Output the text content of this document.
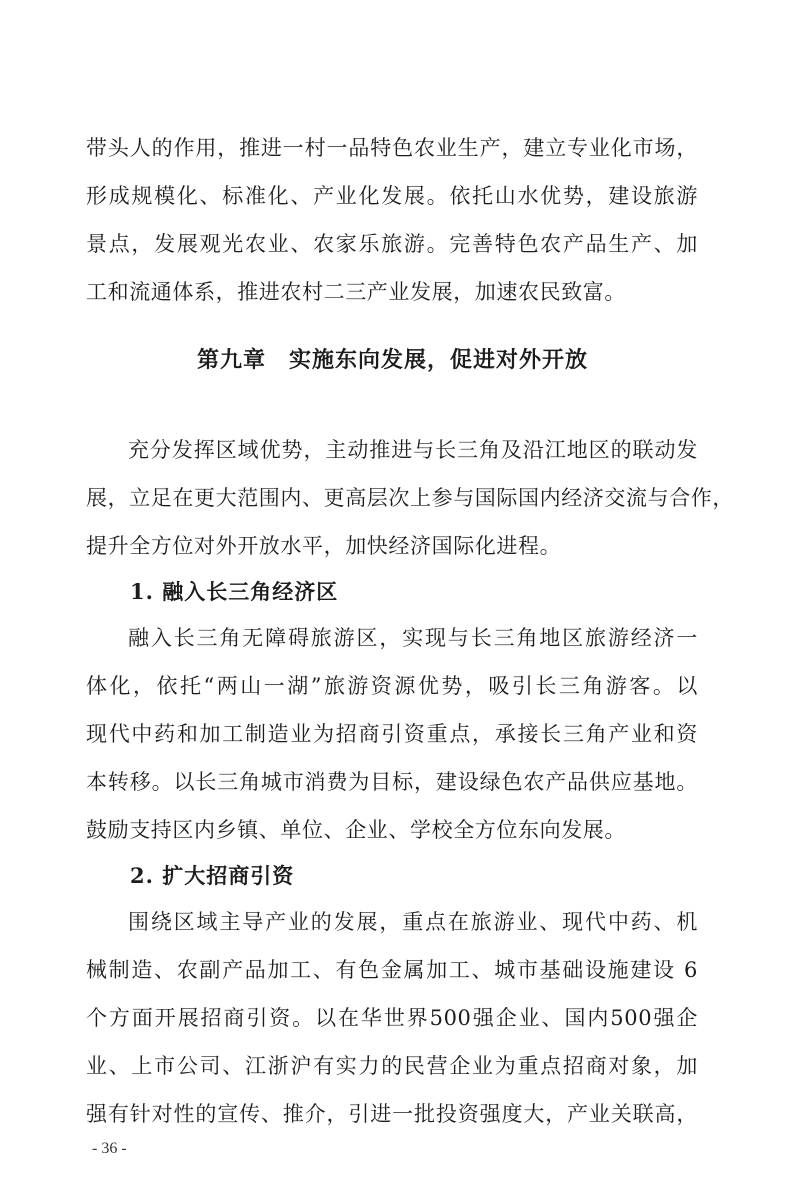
带头人的作用，推进一村一品特色农业生产，建立专业化市场，
形成规模化、标准化、产业化发展。依托山水优势，建设旅游
景点，发展观光农业、农家乐旅游。完善特色农产品生产、加
工和流通体系，推进农村二三产业发展，加速农民致富。
第九章　实施东向发展，促进对外开放
充分发挥区域优势，主动推进与长三角及沿江地区的联动发
展，立足在更大范围内、更高层次上参与国际国内经济交流与合作，
提升全方位对外开放水平，加快经济国际化进程。
1. 融入长三角经济区
融入长三角无障碍旅游区，实现与长三角地区旅游经济一
体化，依托“两山一湖”旅游资源优势，吸引长三角游客。以
现代中药和加工制造业为招商引资重点，承接长三角产业和资
本转移。以长三角城市消费为目标，建设绿色农产品供应基地。
鼓励支持区内乡镇、单位、企业、学校全方位东向发展。
2. 扩大招商引资
围绕区域主导产业的发展，重点在旅游业、现代中药、机
械制造、农副产品加工、有色金属加工、城市基础设施建设 6
个方面开展招商引资。以在华世界500强企业、国内500强企
业、上市公司、江浙沪有实力的民营企业为重点招商对象，加
强有针对性的宣传、推介，引进一批投资强度大，产业关联高，
- 36 -
